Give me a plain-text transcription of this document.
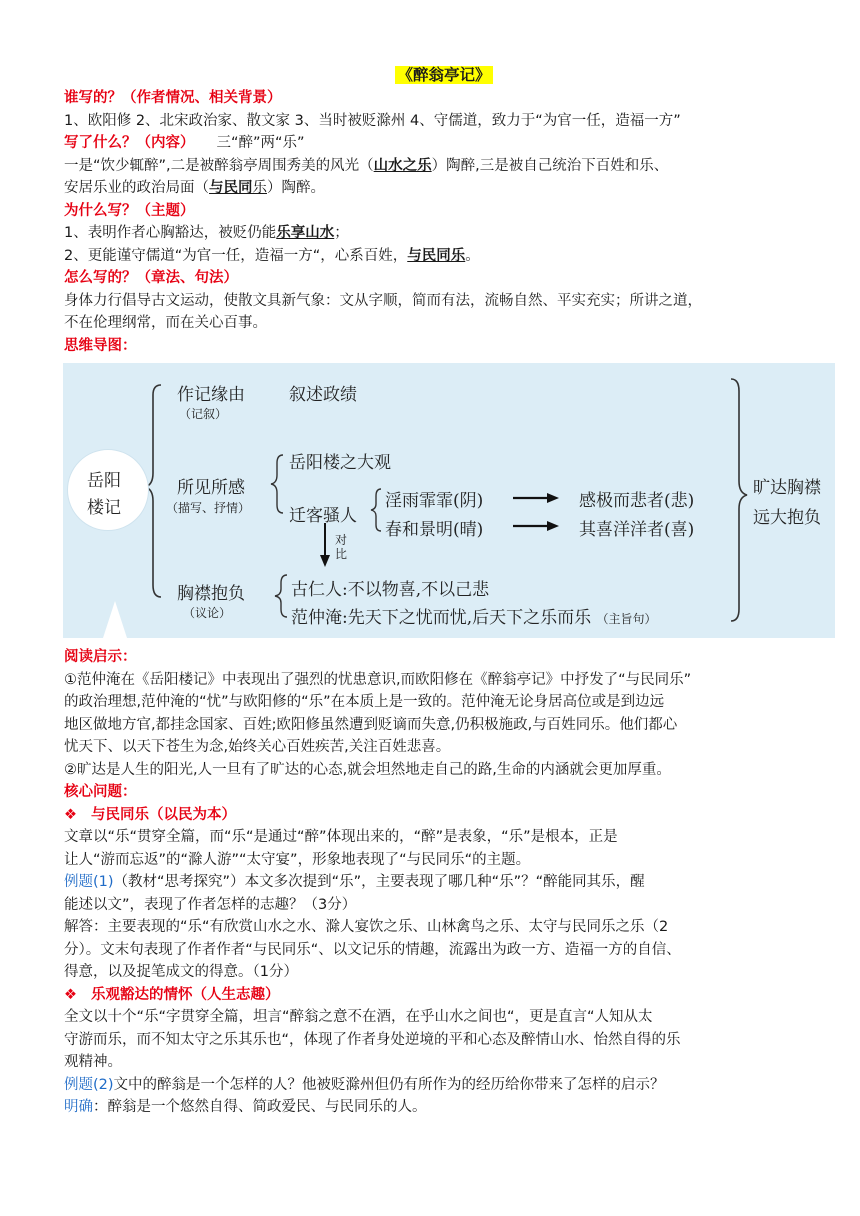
《醉翁亭记》

谁写的？（作者情况、相关背景）

1、欧阳修 2、北宋政治家、散文家 3、当时被贬滁州 4、守儒道，致力于“为官一任，造福一方”

写了什么？（内容） 三“醉”两“乐”

一是“饮少辄醉”,二是被醉翁亭周围秀美的风光（山水之乐）陶醉,三是被自己统治下百姓和乐、

安居乐业的政治局面（与民同乐）陶醉。

为什么写？（主题）

1、表明作者心胸豁达，被贬仍能乐享山水；

2、更能谨守儒道“为官一任，造福一方“，心系百姓，与民同乐。

怎么写的？（章法、句法）

身体力行倡导古文运动，使散文具新气象：文从字顺，简而有法，流畅自然、平实充实；所讲之道，

不在伦理纲常，而在关心百事。

思维导图：

岳阳
楼记
作记缘由
（记叙）
叙述政绩
所见所感
（描写、抒情）
岳阳楼之大观
迁客骚人
淫雨霏霏(阴)
春和景明(晴)
感极而悲者(悲)
其喜洋洋者(喜)
对比
胸襟抱负
（议论）
古仁人:不以物喜,不以己悲
范仲淹:先天下之忧而忧,后天下之乐而乐 （主旨句）
旷达胸襟
远大抱负

阅读启示：

①范仲淹在《岳阳楼记》中表现出了强烈的忧患意识,而欧阳修在《醉翁亭记》中抒发了“与民同乐”

的政治理想,范仲淹的“忧”与欧阳修的“乐”在本质上是一致的。范仲淹无论身居高位或是到边远

地区做地方官,都挂念国家、百姓;欧阳修虽然遭到贬谪而失意,仍积极施政,与百姓同乐。他们都心

忧天下、以天下苍生为念,始终关心百姓疾苦,关注百姓悲喜。

②旷达是人生的阳光,人一旦有了旷达的心态,就会坦然地走自己的路,生命的内涵就会更加厚重。

核心问题：

❖ 与民同乐（以民为本）

文章以“乐“贯穿全篇，而“乐“是通过“醉”体现出来的，“醉”是表象，“乐”是根本，正是

让人“游而忘返”的“滁人游”“太守宴”，形象地表现了“与民同乐“的主题。

例题(1)（教材“思考探究”）本文多次提到“乐”，主要表现了哪几种“乐”？“醉能同其乐，醒

能述以文”，表现了作者怎样的志趣？（3分）

解答：主要表现的“乐“有欣赏山水之水、滁人宴饮之乐、山林禽鸟之乐、太守与民同乐之乐（2

分）。文末句表现了作者作者“与民同乐“、以文记乐的情趣，流露出为政一方、造福一方的自信、

得意，以及捉笔成文的得意。（1分）

❖ 乐观豁达的情怀（人生志趣）

全文以十个“乐“字贯穿全篇，坦言“醉翁之意不在酒，在乎山水之间也“，更是直言“人知从太

守游而乐，而不知太守之乐其乐也“，体现了作者身处逆境的平和心态及醉情山水、怡然自得的乐

观精神。

例题(2)文中的醉翁是一个怎样的人？他被贬滁州但仍有所作为的经历给你带来了怎样的启示？

明确：醉翁是一个悠然自得、简政爱民、与民同乐的人。
